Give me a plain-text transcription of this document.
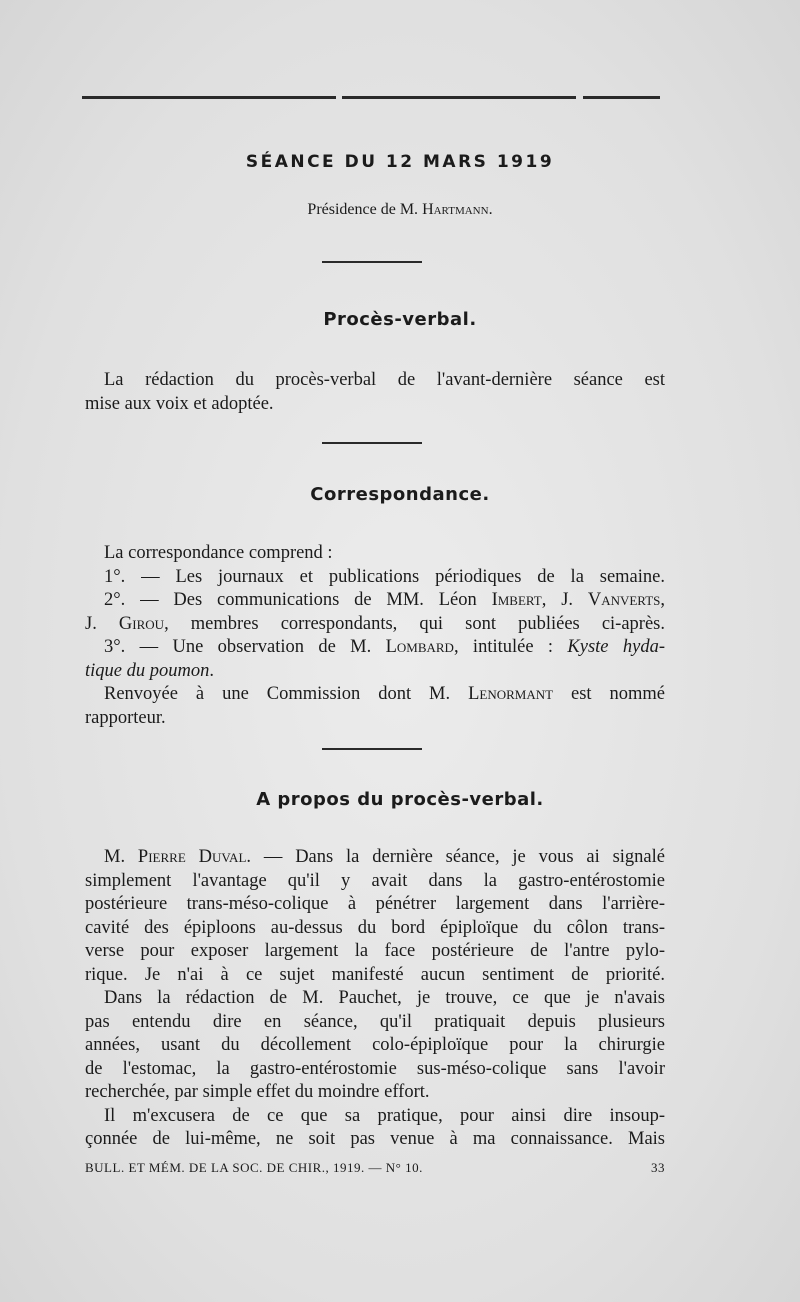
SÉANCE DU 12 MARS 1919
Présidence de M. Hartmann.
Procès-verbal.

La rédaction du procès-verbal de l'avant-dernière séance est
mise aux voix et adoptée.

Correspondance.
La correspondance comprend :
1°. — Les journaux et publications périodiques de la semaine.
2°. — Des communications de MM. Léon Imbert, J. Vanverts,
J. Girou, membres correspondants, qui sont publiées ci-après.
3°. — Une observation de M. Lombard, intitulée : Kyste hyda-
tique du poumon.
Renvoyée à une Commission dont M. Lenormant est nommé
rapporteur.
A propos du procès-verbal.
M. Pierre Duval. — Dans la dernière séance, je vous ai signalé
simplement l'avantage qu'il y avait dans la gastro-entérostomie
postérieure trans-méso-colique à pénétrer largement dans l'arrière-
cavité des épiploons au-dessus du bord épiploïque du côlon trans-
verse pour exposer largement la face postérieure de l'antre pylo-
rique. Je n'ai à ce sujet manifesté aucun sentiment de priorité.
Dans la rédaction de M. Pauchet, je trouve, ce que je n'avais
pas entendu dire en séance, qu'il pratiquait depuis plusieurs
années, usant du décollement colo-épiploïque pour la chirurgie
de l'estomac, la gastro-entérostomie sus-méso-colique sans l'avoir
recherchée, par simple effet du moindre effort.
Il m'excusera de ce que sa pratique, pour ainsi dire insoup-
çonnée de lui-même, ne soit pas venue à ma connaissance. Mais
BULL. ET MÉM. DE LA SOC. DE CHIR., 1919. — N° 10.	33
